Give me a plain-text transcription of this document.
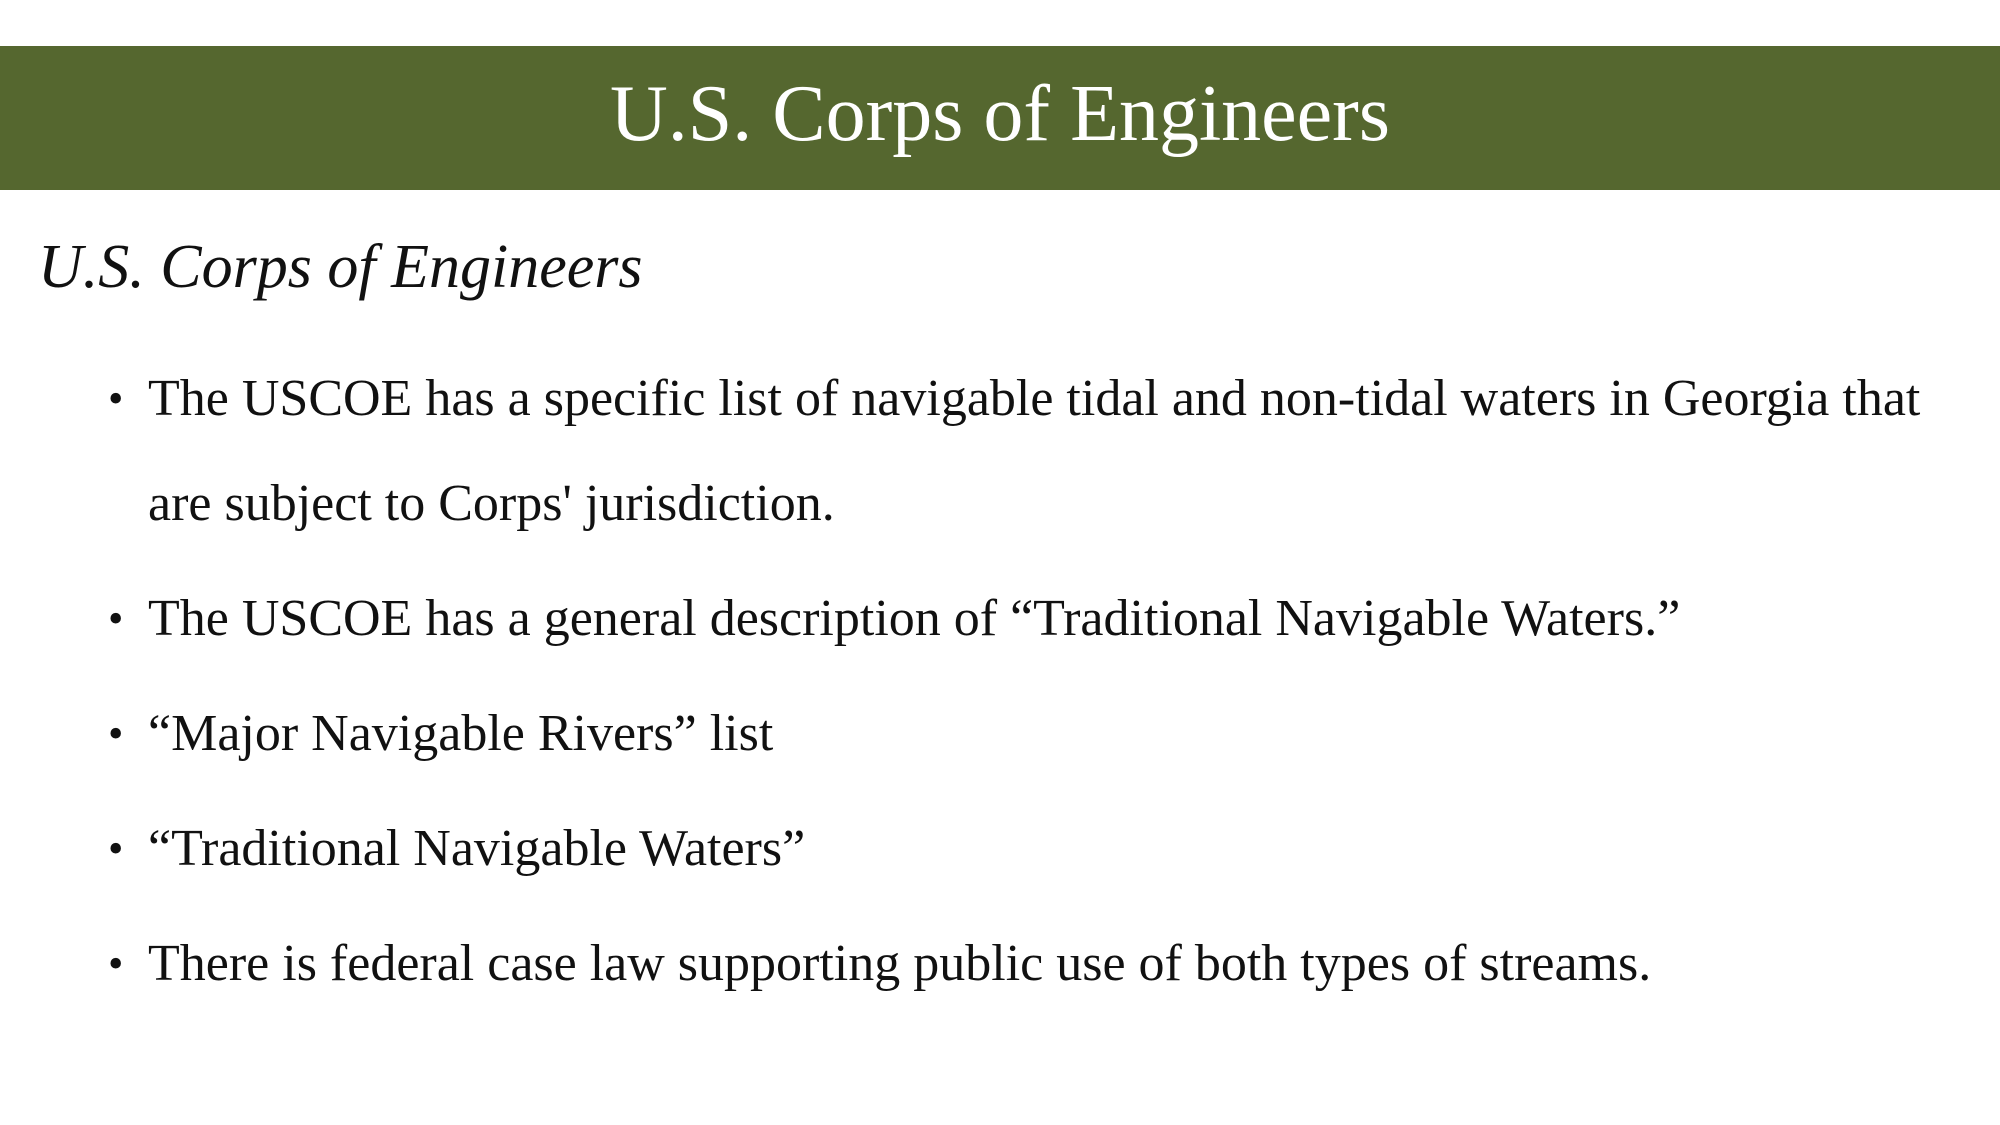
U.S. Corps of Engineers
U.S. Corps of Engineers
• The USCOE has a specific list of navigable tidal and non-tidal waters in Georgia that are subject to Corps' jurisdiction.
• The USCOE has a general description of “Traditional Navigable Waters.”
• “Major Navigable Rivers” list
• “Traditional Navigable Waters”
• There is federal case law supporting public use of both types of streams.
